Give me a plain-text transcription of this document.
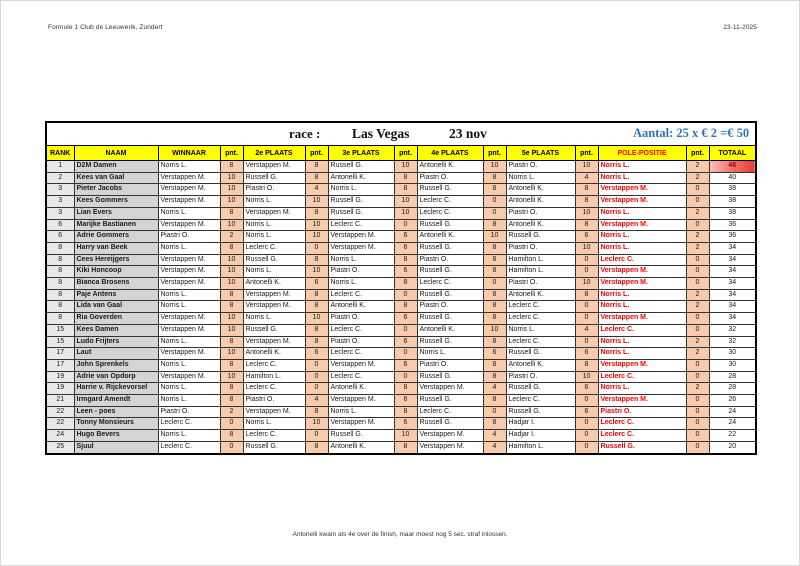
Formule 1 Club de Leeuwerik, Zundert	23-11-2025
race : Las Vegas 23 nov Aantal: 25 x € 2 =€ 50														

RANK	NAAM	WINNAAR	pnt.	2e PLAATS	pnt.	3e PLAATS	pnt.	4e PLAATS	pnt.	5e PLAATS	pnt.	POLE-POSITIE	pnt.	TOTAAL
1	D2M Damen	Norris L.	8	Verstappen M.	8	Russell G.	10	Antonelli K.	10	Piastri O.	10	Norris L.	2	48
2	Kees van Gaal	Verstappen M.	10	Russell G.	8	Antonelli K.	8	Piastri O.	8	Norris L.	4	Norris L.	2	40
3	Pieter Jacobs	Verstappen M.	10	Piastri O.	4	Norris L.	8	Russell G.	8	Antonelli K.	8	Verstappen M.	0	38
3	Kees Gommers	Verstappen M.	10	Norris L.	10	Russell G.	10	Leclerc C.	0	Antonelli K.	8	Verstappen M.	0	38
3	Lian Evers	Norris L.	8	Verstappen M.	8	Russell G.	10	Leclerc C.	0	Piastri O.	10	Norris L.	2	38
6	Marijke Bastianen	Verstappen M.	10	Norris L.	10	Leclerc C.	0	Russell G.	8	Antonelli K.	8	Verstappen M.	0	36
6	Adrie Gommers	Piastri O.	2	Norris L.	10	Verstappen M.	6	Antonelli K.	10	Russell G.	6	Norris L.	2	36
8	Harry van Beek	Norris L.	8	Leclerc C.	0	Verstappen M.	6	Russell G.	8	Piastri O.	10	Norris L.	2	34
8	Cees Hereijgers	Verstappen M.	10	Russell G.	8	Norris L.	8	Piastri O.	8	Hamilton L.	0	Leclerc C.	0	34
8	Kiki Honcoop	Verstappen M.	10	Norris L.	10	Piastri O.	6	Russell G.	8	Hamilton L.	0	Verstappen M.	0	34
8	Bianca Brosens	Verstappen M.	10	Antonelli K.	6	Norris L.	8	Leclerc C.	0	Piastri O.	10	Verstappen M.	0	34
8	Paje Antens	Norris L.	8	Verstappen M.	8	Leclerc C.	0	Russell G.	8	Antonelli K.	8	Norris L.	2	34
8	Lida van Gaal	Norris L.	8	Verstappen M.	8	Antonelli K.	8	Piastri O.	8	Leclerc C.	0	Norris L.	2	34
8	Ria Goverden	Verstappen M.	10	Norris L.	10	Piastri O.	6	Russell G.	8	Leclerc C.	0	Verstappen M.	0	34
15	Kees Damen	Verstappen M.	10	Russell G.	8	Leclerc C.	0	Antonelli K.	10	Norris L.	4	Leclerc C.	0	32
15	Ludo Frijters	Norris L.	8	Verstappen M.	8	Piastri O.	6	Russell G.	8	Leclerc C.	0	Norris L.	2	32
17	Laut	Verstappen M.	10	Antonelli K.	6	Leclerc C.	0	Norris L.	6	Russell G.	6	Norris L.	2	30
17	John Sprenkels	Norris L.	8	Leclerc C.	0	Verstappen M.	6	Piastri O.	8	Antonelli K.	8	Verstappen M.	0	30
19	Adrie van Opdorp	Verstappen M.	10	Hamilton L.	0	Leclerc C.	0	Russell G.	8	Piastri O.	10	Leclerc C.	0	28
19	Harrie v. Rijckevorsel	Norris L.	8	Leclerc C.	0	Antonelli K.	8	Verstappen M.	4	Russell G.	6	Norris L.	2	28
21	Irmgard Amendt	Norris L.	8	Piastri O.	4	Verstappen M.	6	Russell G.	8	Leclerc C.	0	Verstappen M.	0	26
22	Leen - poes	Piastri O.	2	Verstappen M.	8	Norris L.	8	Leclerc C.	0	Russell G.	6	Piastri O.	0	24
22	Tonny Monsieurs	Leclerc C.	0	Norris L.	10	Verstappen M.	6	Russell G.	8	Hadjar I.	0	Leclerc C.	0	24
24	Hugo Bevers	Norris L.	8	Leclerc C.	0	Russell G.	10	Verstappen M.	4	Hadjar I.	0	Leclerc C.	0	22
25	Sjuul	Leclerc C.	0	Russell G.	8	Antonelli K.	8	Verstappen M.	4	Hamilton L.	0	Russell G.	0	20
Antonelli kwam als 4e over de finish, maar moest nog 5 sec. straf inlossen.
